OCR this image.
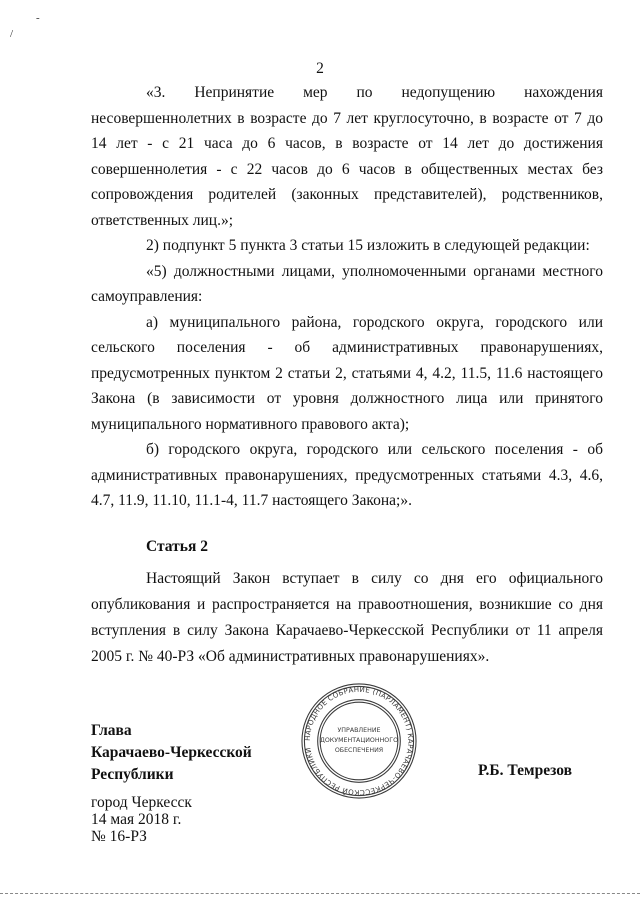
-
/
2

«3. Непринятие мер по недопущению нахождения несовершеннолетних в возрасте до 7 лет круглосуточно, в возрасте от 7 до 14 лет - с 21 часа до 6 часов, в возрасте от 14 лет до достижения совершеннолетия - с 22 часов до 6 часов в общественных местах без сопровождения родителей (законных представителей), родственников, ответственных лиц.»;

2) подпункт 5 пункта 3 статьи 15 изложить в следующей редакции:

«5) должностными лицами, уполномоченными органами местного самоуправления:

а) муниципального района, городского округа, городского или сельского поселения - об административных правонарушениях, предусмотренных пунктом 2 статьи 2, статьями 4, 4.2, 11.5, 11.6 настоящего Закона (в зависимости от уровня должностного лица или принятого муниципального нормативного правового акта);

б) городского округа, городского или сельского поселения - об административных правонарушениях, предусмотренных статьями 4.3, 4.6, 4.7, 11.9, 11.10, 11.1-4, 11.7 настоящего Закона;».

Статья 2

Настоящий Закон вступает в силу со дня его официального опубликования и распространяется на правоотношения, возникшие со дня вступления в силу Закона Карачаево-Черкесской Республики от 11 апреля 2005 г. № 40-РЗ «Об административных правонарушениях».

Глава
Карачаево-Черкесской
Республики
НАРОДНОЕ СОБРАНИЕ (ПАРЛАМЕНТ) КАРАЧАЕВО-ЧЕРКЕССКОЙ РЕСПУБЛИКИ
УПРАВЛЕНИЕ
ДОКУМЕНТАЦИОННОГО
ОБЕСПЕЧЕНИЯ
Р.Б. Темрезов
город Черкесск
14 мая 2018 г.
№ 16-РЗ
